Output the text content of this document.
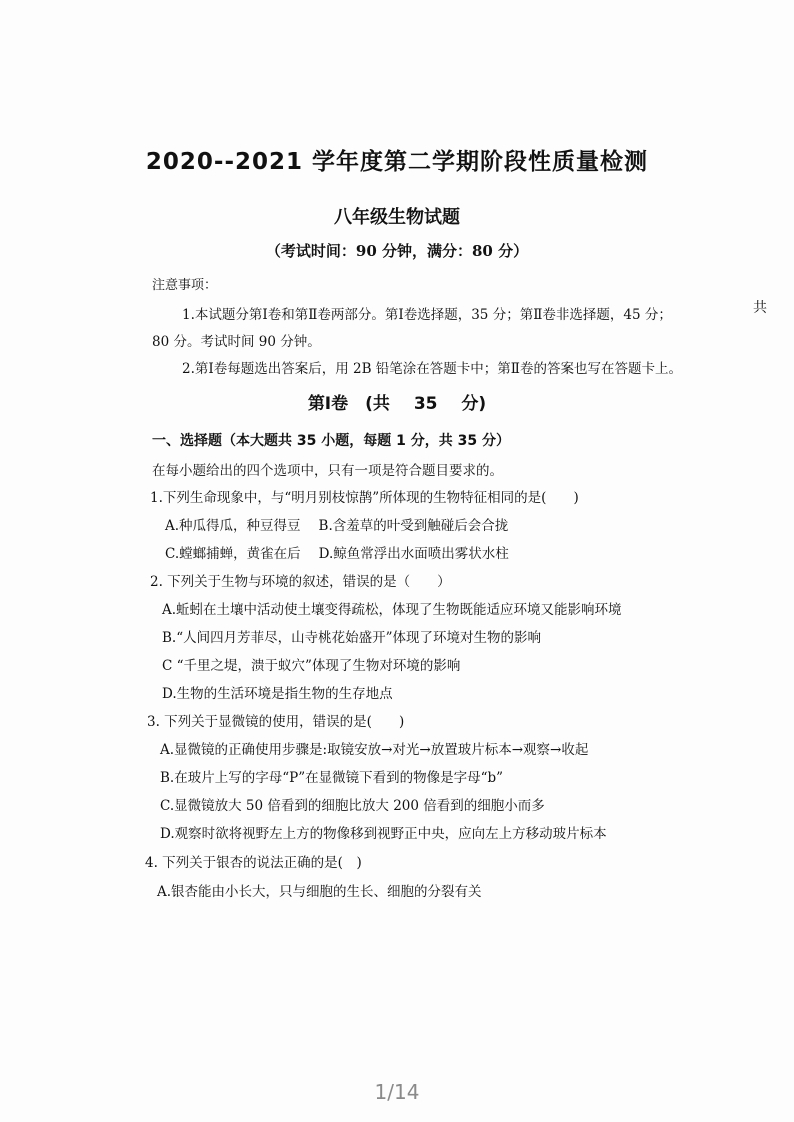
2020--2021 学年度第二学期阶段性质量检测
八年级生物试题
（考试时间：90 分钟，满分：80 分）
注意事项：
1.本试题分第Ⅰ卷和第Ⅱ卷两部分。第Ⅰ卷选择题，35 分；第Ⅱ卷非选择题，45 分；	共
80 分。考试时间 90 分钟。
2.第Ⅰ卷每题选出答案后，用 2B 铅笔涂在答题卡中；第Ⅱ卷的答案也写在答题卡上。
第Ⅰ卷　(共 35 分)
一、选择题（本大题共 35 小题，每题 1 分，共 35 分）
在每小题给出的四个选项中，只有一项是符合题目要求的。
1.下列生命现象中，与“明月别枝惊鹊”所体现的生物特征相同的是(　　)
A.种瓜得瓜，种豆得豆 B.含羞草的叶受到触碰后会合拢
C.螳螂捕蝉，黄雀在后 D.鲸鱼常浮出水面喷出雾状水柱
2. 下列关于生物与环境的叙述，错误的是（　　）
A.蚯蚓在土壤中活动使土壤变得疏松，体现了生物既能适应环境又能影响环境
B.“人间四月芳菲尽，山寺桃花始盛开”体现了环境对生物的影响
C “千里之堤，溃于蚁穴”体现了生物对环境的影响
D.生物的生活环境是指生物的生存地点
3. 下列关于显微镜的使用，错误的是(　　)
A.显微镜的正确使用步骤是:取镜安放→对光→放置玻片标本→观察→收起
B.在玻片上写的字母“P”在显微镜下看到的物像是字母“b”
C.显微镜放大 50 倍看到的细胞比放大 200 倍看到的细胞小而多
D.观察时欲将视野左上方的物像移到视野正中央，应向左上方移动玻片标本
4. 下列关于银杏的说法正确的是(　)
A.银杏能由小长大，只与细胞的生长、细胞的分裂有关
1/14
